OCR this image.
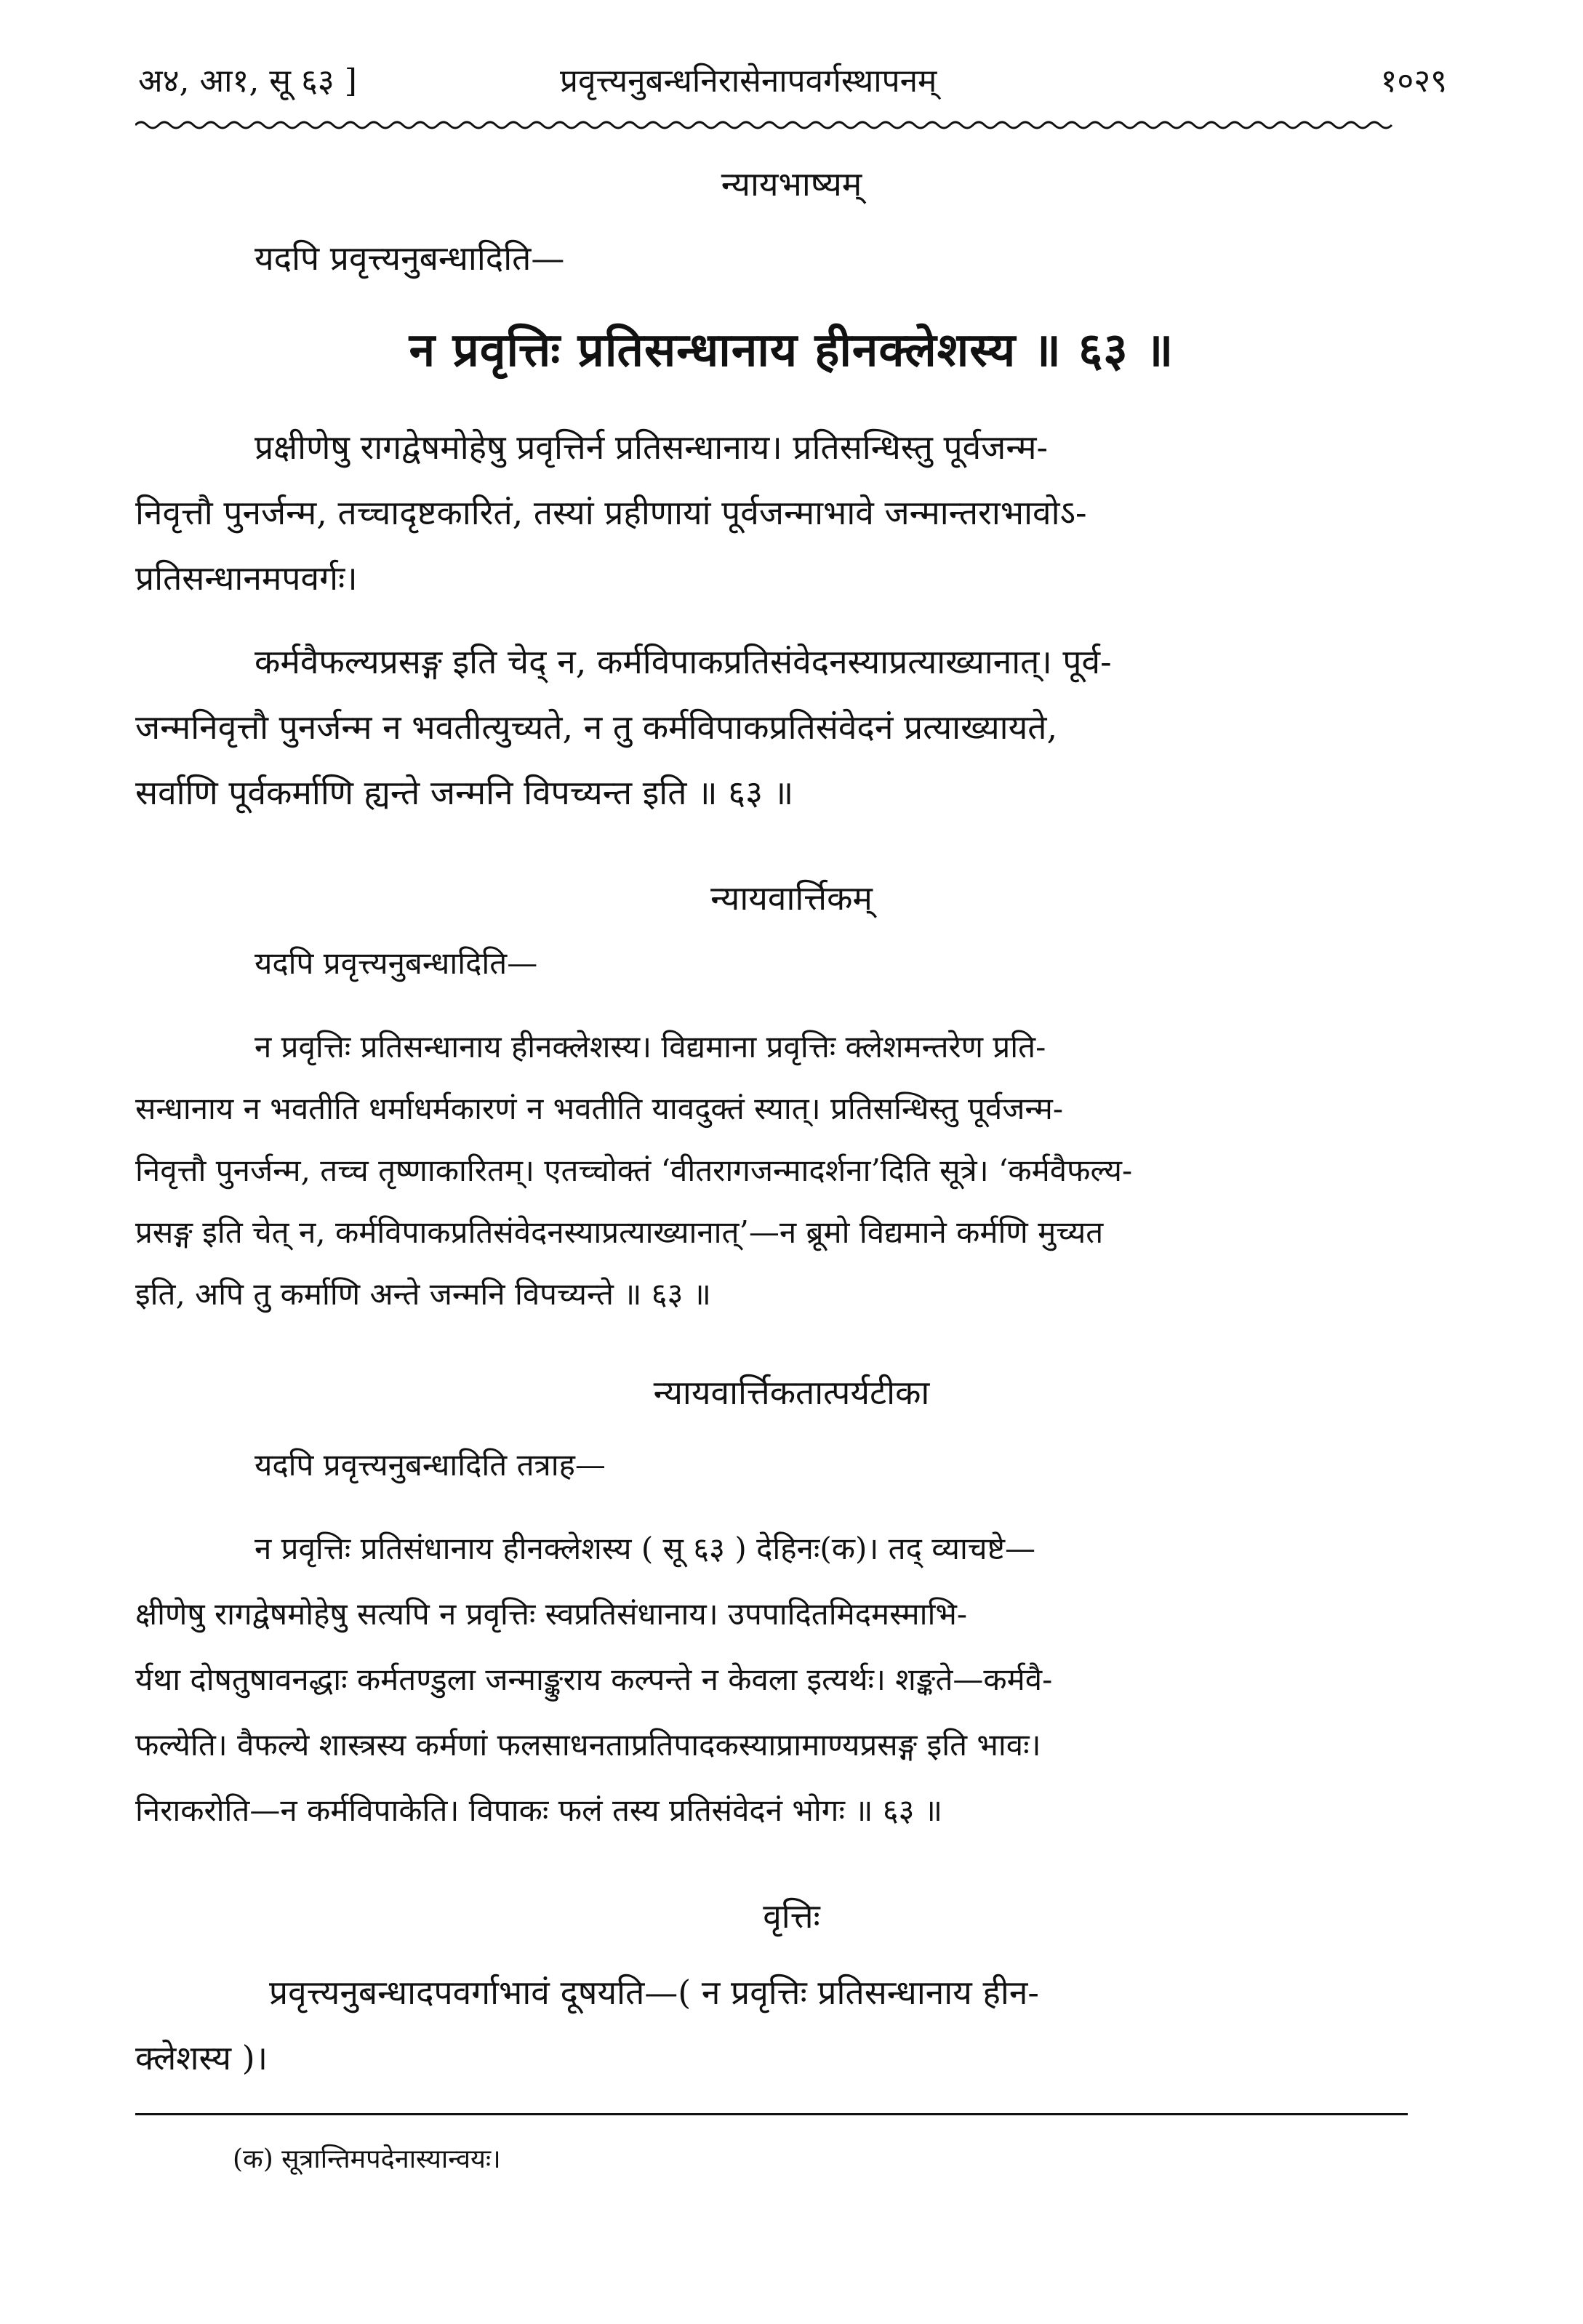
अ४, आ१, सू ६३ ]	प्रवृत्त्यनुबन्धनिरासेनापवर्गस्थापनम्	१०२९
न्यायभाष्यम्
यदपि प्रवृत्त्यनुबन्धादिति—
न प्रवृत्तिः प्रतिसन्धानाय हीनक्लेशस्य ॥ ६३ ॥
प्रक्षीणेषु रागद्वेषमोहेषु प्रवृत्तिर्न प्रतिसन्धानाय। प्रतिसन्धिस्तु पूर्वजन्म-
निवृत्तौ पुनर्जन्म, तच्चादृष्टकारितं, तस्यां प्रहीणायां पूर्वजन्माभावे जन्मान्तराभावोऽ-
प्रतिसन्धानमपवर्गः।
कर्मवैफल्यप्रसङ्ग इति चेद् न, कर्मविपाकप्रतिसंवेदनस्याप्रत्याख्यानात्। पूर्व-
जन्मनिवृत्तौ पुनर्जन्म न भवतीत्युच्यते, न तु कर्मविपाकप्रतिसंवेदनं प्रत्याख्यायते,
सर्वाणि पूर्वकर्माणि ह्यन्ते जन्मनि विपच्यन्त इति ॥ ६३ ॥
न्यायवार्त्तिकम्
यदपि प्रवृत्त्यनुबन्धादिति—
न प्रवृत्तिः प्रतिसन्धानाय हीनक्लेशस्य। विद्यमाना प्रवृत्तिः क्लेशमन्तरेण प्रति-
सन्धानाय न भवतीति धर्माधर्मकारणं न भवतीति यावदुक्तं स्यात्। प्रतिसन्धिस्तु पूर्वजन्म-
निवृत्तौ पुनर्जन्म, तच्च तृष्णाकारितम्। एतच्चोक्तं ‘वीतरागजन्मादर्शना’दिति सूत्रे। ‘कर्मवैफल्य-
प्रसङ्ग इति चेत् न, कर्मविपाकप्रतिसंवेदनस्याप्रत्याख्यानात्’—न ब्रूमो विद्यमाने कर्मणि मुच्यत
इति, अपि तु कर्माणि अन्ते जन्मनि विपच्यन्ते ॥ ६३ ॥
न्यायवार्त्तिकतात्पर्यटीका
यदपि प्रवृत्त्यनुबन्धादिति तत्राह—
न प्रवृत्तिः प्रतिसंधानाय हीनक्लेशस्य ( सू ६३ ) देहिनः(क)। तद् व्याचष्टे—
क्षीणेषु रागद्वेषमोहेषु सत्यपि न प्रवृत्तिः स्वप्रतिसंधानाय। उपपादितमिदमस्माभि-
र्यथा दोषतुषावनद्धाः कर्मतण्डुला जन्माङ्कुराय कल्पन्ते न केवला इत्यर्थः। शङ्कते—कर्मवै-
फल्येति। वैफल्ये शास्त्रस्य कर्मणां फलसाधनताप्रतिपादकस्याप्रामाण्यप्रसङ्ग इति भावः।
निराकरोति—न कर्मविपाकेति। विपाकः फलं तस्य प्रतिसंवेदनं भोगः ॥ ६३ ॥
वृत्तिः
प्रवृत्त्यनुबन्धादपवर्गाभावं दूषयति—( न प्रवृत्तिः प्रतिसन्धानाय हीन-
क्लेशस्य )।
(क) सूत्रान्तिमपदेनास्यान्वयः।
